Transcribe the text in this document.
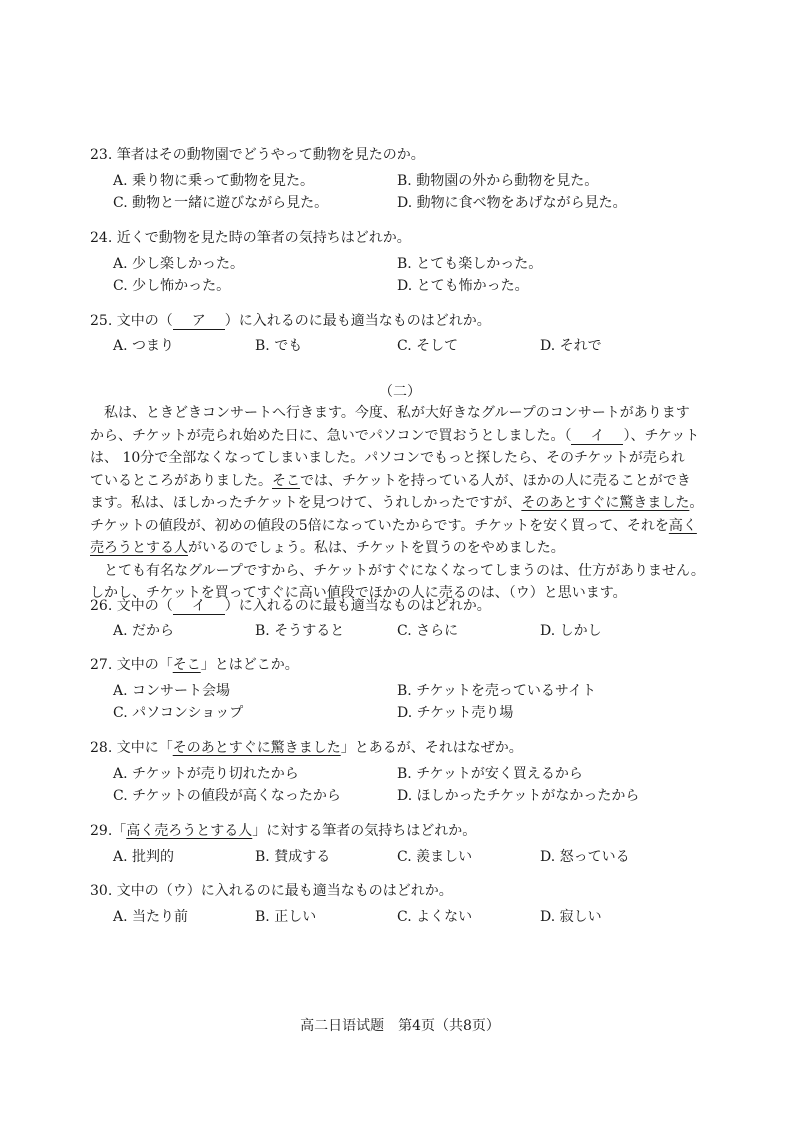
23. 筆者はその動物園でどうやって動物を見たのか。
A. 乗り物に乗って動物を見た。	B. 動物園の外から動物を見た。
C. 動物と一緒に遊びながら見た。	D. 動物に食べ物をあげながら見た。
24. 近くで動物を見た時の筆者の気持ちはどれか。
A. 少し楽しかった。	B. とても楽しかった。
C. 少し怖かった。	D. とても怖かった。
25. 文中の（ ア ）に入れるのに最も適当なものはどれか。
A. つまり	B. でも	C. そして	D. それで
（二）
私は、ときどきコンサートへ行きます。今度、私が大好きなグループのコンサートがあります
から、チケットが売られ始めた日に、急いでパソコンで買おうとしました。（ イ ）、チケット
は、 10分で全部なくなってしまいました。パソコンでもっと探したら、そのチケットが売られ
ているところがありました。そこでは、チケットを持っている人が、ほかの人に売ることができ
ます。私は、ほしかったチケットを見つけて、うれしかったですが、そのあとすぐに驚きました。
チケットの値段が、初めの値段の5倍になっていたからです。チケットを安く買って、それを高く
売ろうとする人がいるのでしょう。私は、チケットを買うのをやめました。
とても有名なグループですから、チケットがすぐになくなってしまうのは、仕方がありません。
しかし、チケットを買ってすぐに高い値段でほかの人に売るのは、（ウ）と思います。
26. 文中の（ イ ）に入れるのに最も適当なものはどれか。
A. だから	B. そうすると	C. さらに	D. しかし
27. 文中の「そこ」とはどこか。
A. コンサート会場	B. チケットを売っているサイト
C. パソコンショップ	D. チケット売り場
28. 文中に「そのあとすぐに驚きました」とあるが、それはなぜか。
A. チケットが売り切れたから	B. チケットが安く買えるから
C. チケットの値段が高くなったから	D. ほしかったチケットがなかったから
29.「高く売ろうとする人」に対する筆者の気持ちはどれか。
A. 批判的	B. 賛成する	C. 羨ましい	D. 怒っている
30. 文中の（ウ）に入れるのに最も適当なものはどれか。
A. 当たり前	B. 正しい	C. よくない	D. 寂しい
高二日语试题　第4页（共8页）
